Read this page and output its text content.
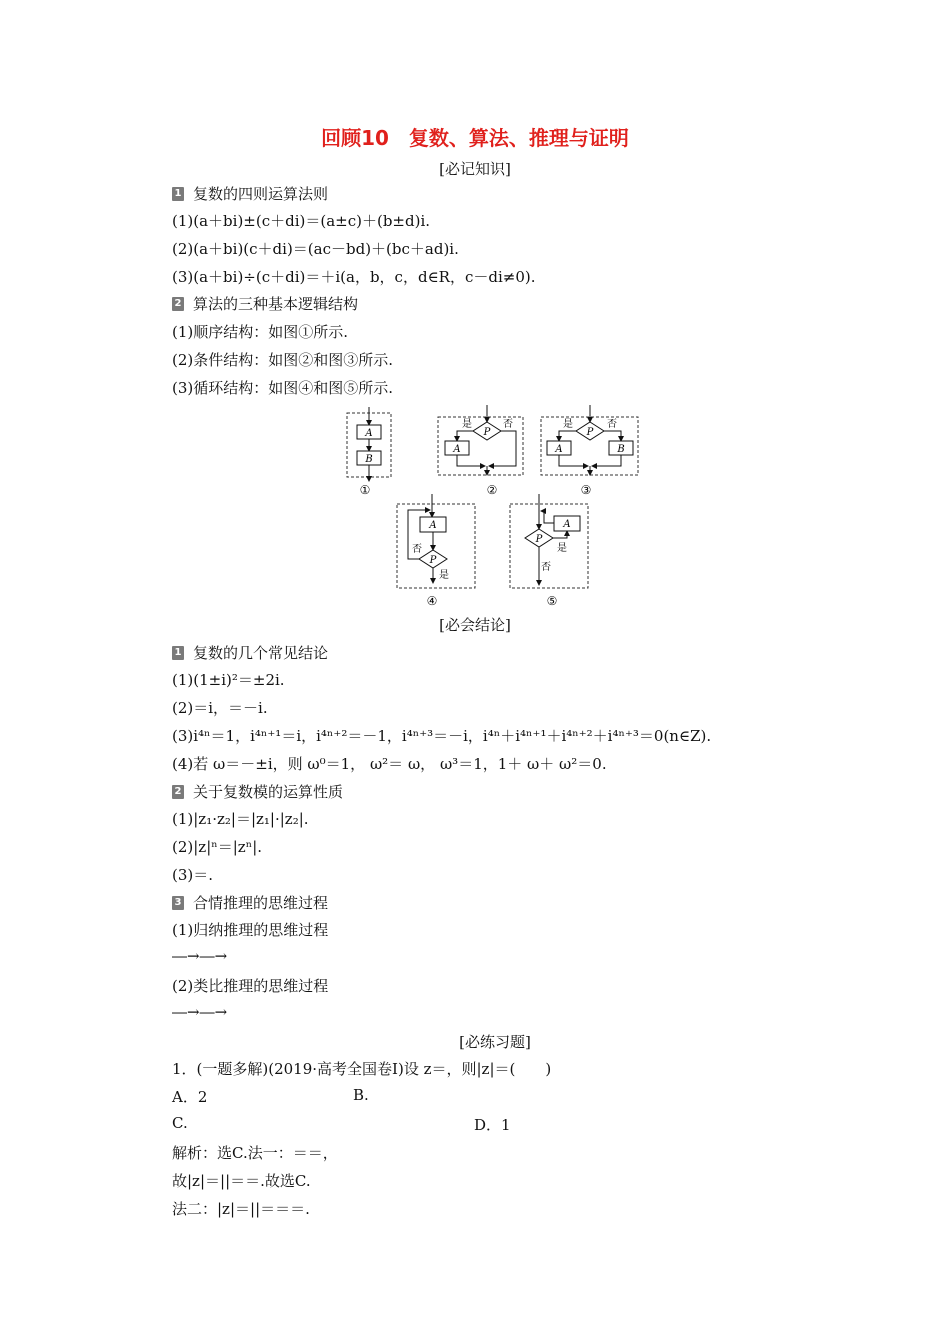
回顾10　复数、算法、推理与证明
[必记知识]
1 复数的四则运算法则
(1)(a＋bi)±(c＋di)＝(a±c)＋(b±d)i.
(2)(a＋bi)(c＋di)＝(ac－bd)＋(bc＋ad)i.
(3)(a＋bi)÷(c＋di)＝＋i(a，b，c，d∈R，c－di≠0).
2 算法的三种基本逻辑结构
(1)顺序结构：如图①所示.
(2)条件结构：如图②和图③所示.
(3)循环结构：如图④和图⑤所示.
A
B
①
P
是
A
否
②
P
是
A
否
B
③
A
P
否
是
④
P
是
A
否
⑤
[必会结论]
1 复数的几个常见结论
(1)(1±i)²＝±2i.
(2)＝i，＝－i.
(3)i⁴ⁿ＝1，i⁴ⁿ⁺¹＝i，i⁴ⁿ⁺²＝－1，i⁴ⁿ⁺³＝－i，i⁴ⁿ＋i⁴ⁿ⁺¹＋i⁴ⁿ⁺²＋i⁴ⁿ⁺³＝0(n∈Z).
(4)若 ω＝－±i，则 ω⁰＝1， ω²＝ ω， ω³＝1，1＋ ω＋ ω²＝0.
2 关于复数模的运算性质
(1)|z₁·z₂|＝|z₁|·|z₂|.
(2)|z|ⁿ＝|zⁿ|.
(3)＝.
3 合情推理的思维过程
(1)归纳推理的思维过程
―→―→
(2)类比推理的思维过程
―→―→
[必练习题]
1．(一题多解)(2019·高考全国卷Ⅰ)设 z＝，则|z|＝(　　)
A．2	B.
C.	D．1
解析：选C.法一：＝＝，
故|z|＝||＝＝.故选C.
法二：|z|＝||＝＝＝.
